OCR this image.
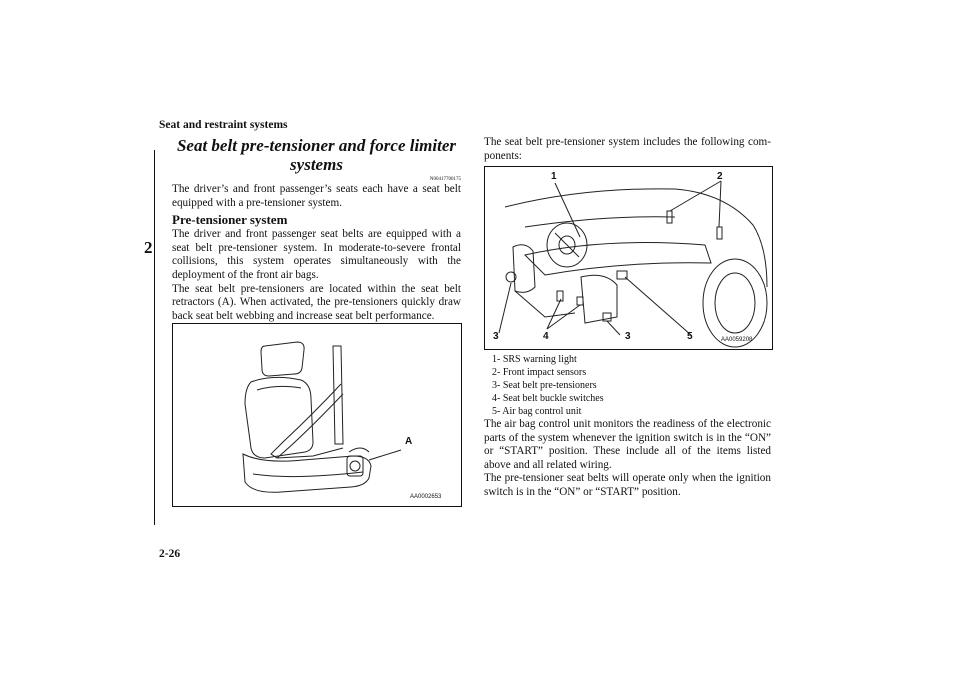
Seat and restraint systems
2
2-26
Seat belt pre-tensioner and force limiter systems

N00417700175

The driver’s and front passenger’s seats each have a seat belt equipped with a pre-tensioner system.

Pre-tensioner system

The driver and front passenger seat belts are equipped with a seat belt pre-tensioner system. In moderate-to-severe frontal collisions, this system operates simultaneously with the deployment of the front air bags.

The seat belt pre-tensioners are located within the seat belt retractors (A). When activated, the pre-tensioners quickly draw back seat belt webbing and increase seat belt performance.

A
AA0002653

The seat belt pre-tensioner system includes the following com- ponents:

1	2
3	4	3	5	AA0059208
1- SRS warning light
2- Front impact sensors
3- Seat belt pre-tensioners
4- Seat belt buckle switches
5- Air bag control unit

The air bag control unit monitors the readiness of the electronic parts of the system whenever the ignition switch is in the “ON” or “START” position. These include all of the items listed above and all related wiring.

The pre-tensioner seat belts will operate only when the ignition switch is in the “ON” or “START” position.
